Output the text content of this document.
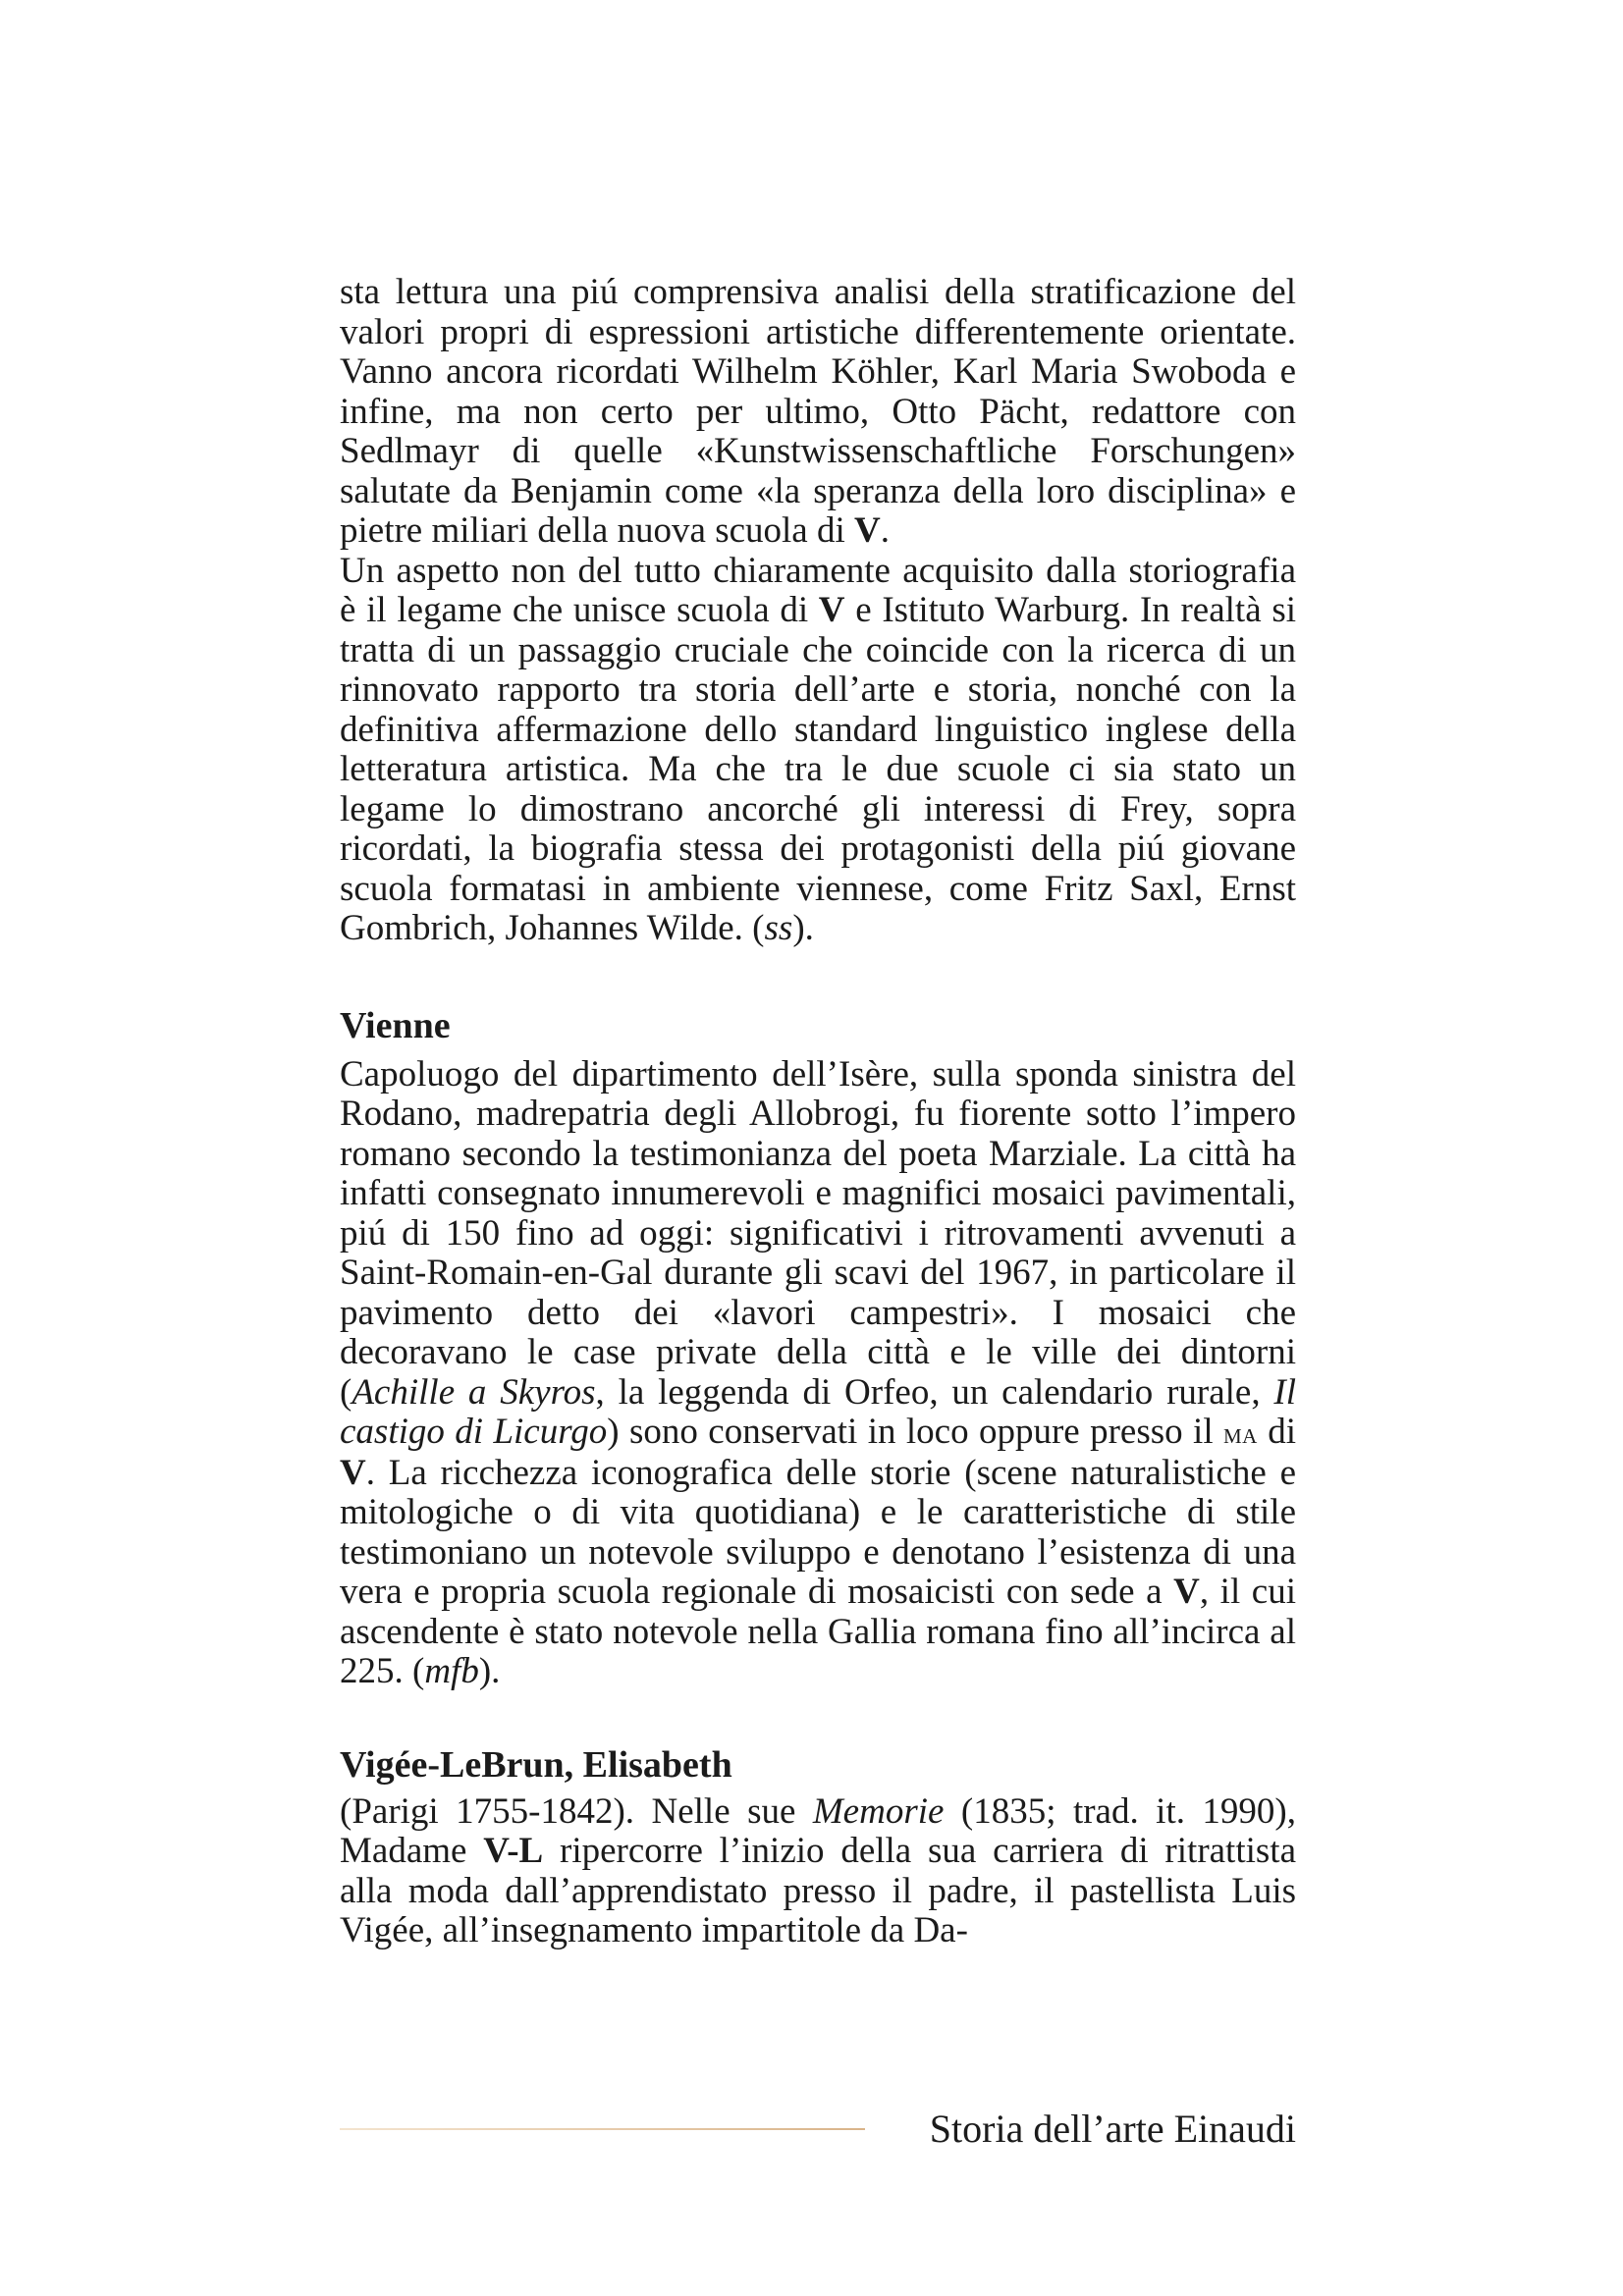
sta lettura una piú comprensiva analisi della stratificazione del valori propri di espressioni artistiche differentemente orientate. Vanno ancora ricordati Wilhelm Köhler, Karl Maria Swoboda e infine, ma non certo per ultimo, Otto Pächt, redattore con Sedlmayr di quelle «Kunstwissenschaftliche Forschungen» salutate da Benjamin come «la speranza della loro disciplina» e pietre miliari della nuova scuola di V.

Un aspetto non del tutto chiaramente acquisito dalla storiografia è il legame che unisce scuola di V e Istituto Warburg. In realtà si tratta di un passaggio cruciale che coincide con la ricerca di un rinnovato rapporto tra storia dell’arte e storia, nonché con la definitiva affermazione dello standard linguistico inglese della letteratura artistica. Ma che tra le due scuole ci sia stato un legame lo dimostrano ancorché gli interessi di Frey, sopra ricordati, la biografia stessa dei protagonisti della piú giovane scuola formatasi in ambiente viennese, come Fritz Saxl, Ernst Gombrich, Johannes Wilde. (ss).

Vienne

Capoluogo del dipartimento dell’Isère, sulla sponda sinistra del Rodano, madrepatria degli Allobrogi, fu fiorente sotto l’impero romano secondo la testimonianza del poeta Marziale. La città ha infatti consegnato innumerevoli e magnifici mosaici pavimentali, piú di 150 fino ad oggi: significativi i ritrovamenti avvenuti a Saint-Romain-en-Gal durante gli scavi del 1967, in particolare il pavimento detto dei «lavori campestri». I mosaici che decoravano le case private della città e le ville dei dintorni (Achille a Skyros, la leggenda di Orfeo, un calendario rurale, Il castigo di Licurgo) sono conservati in loco oppure presso il ma di V. La ricchezza iconografica delle storie (scene naturalistiche e mitologiche o di vita quotidiana) e le caratteristiche di stile testimoniano un notevole sviluppo e denotano l’esistenza di una vera e propria scuola regionale di mosaicisti con sede a V, il cui ascendente è stato notevole nella Gallia romana fino all’incirca al 225. (mfb).

Vigée-LeBrun, Elisabeth

(Parigi 1755-1842). Nelle sue Memorie (1835; trad. it. 1990), Madame V-L ripercorre l’inizio della sua carriera di ritrattista alla moda dall’apprendistato presso il padre, il pastellista Luis Vigée, all’insegnamento impartitole da Da-

Storia dell’arte Einaudi
